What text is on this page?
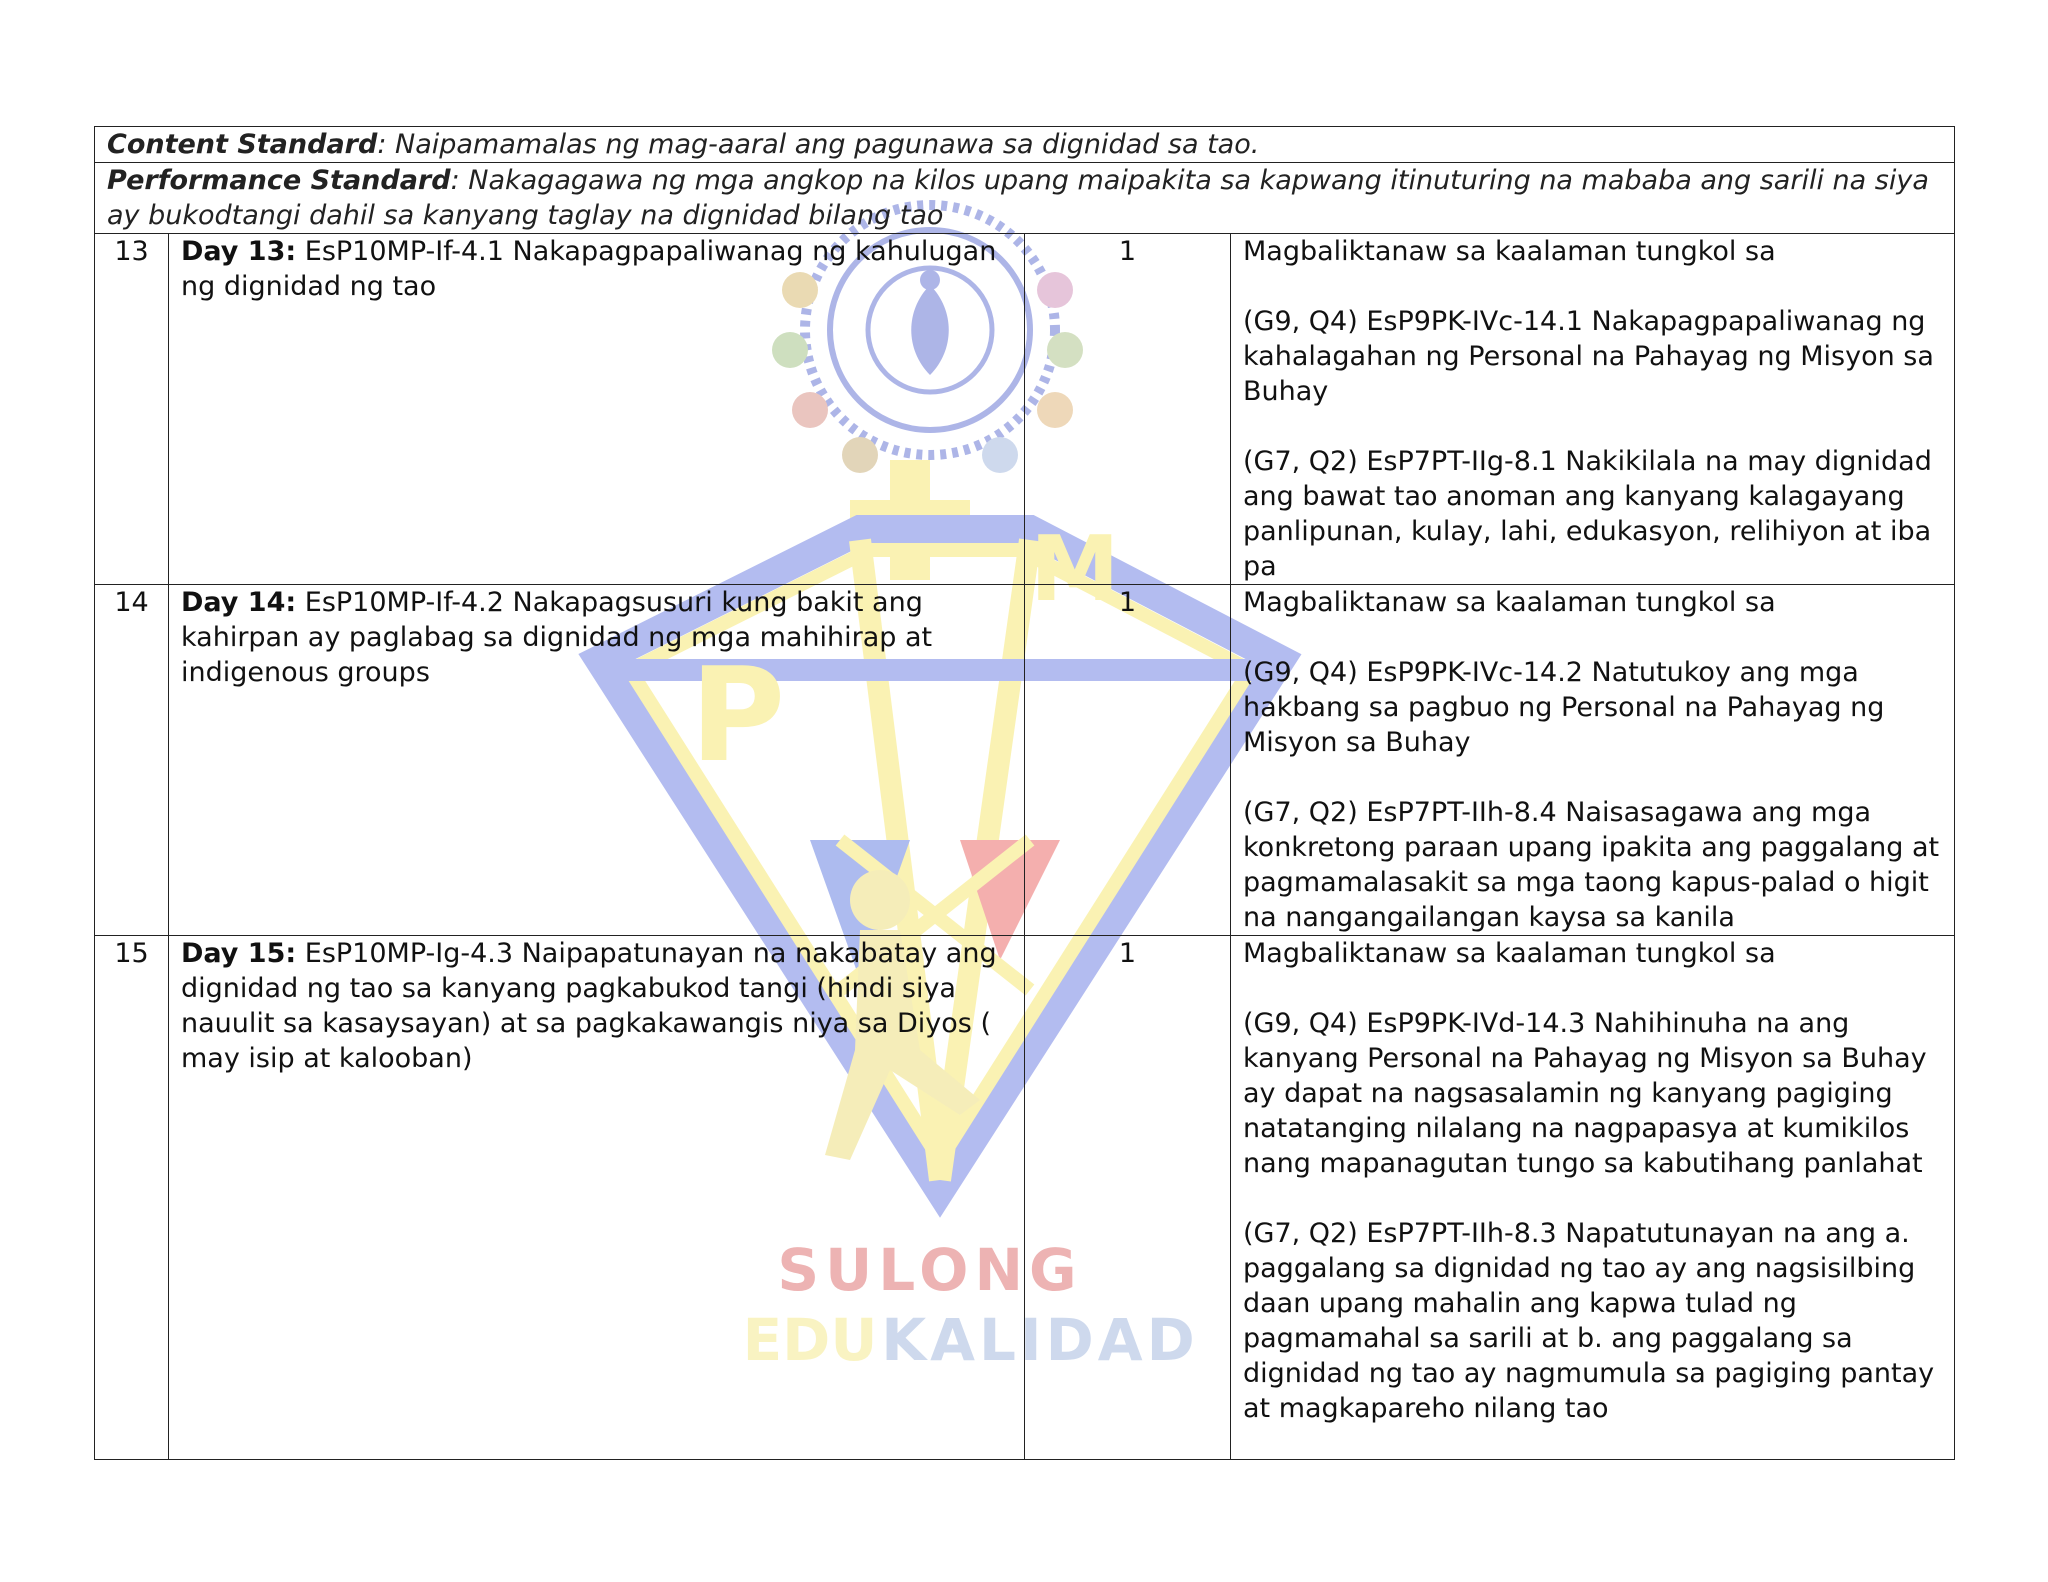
P
M
SULONG
EDU KALIDAD
Content Standard: Naipamamalas ng mag-aaral ang pagunawa sa dignidad sa tao.			
Performance Standard: Nakagagawa ng mga angkop na kilos upang maipakita sa kapwang itinuturing na mababa ang sarili na siya ay bukodtangi dahil sa kanyang taglay na dignidad bilang tao			
13	Day 13: EsP10MP-If-4.1 Nakapagpapaliwanag ng kahulugan ng dignidad ng tao	1	Magbaliktanaw sa kaalaman tungkol sa

(G9, Q4) EsP9PK-IVc-14.1 Nakapagpapaliwanag ng kahalagahan ng Personal na Pahayag ng Misyon sa Buhay

(G7, Q2) EsP7PT-IIg-8.1 Nakikilala na may dignidad ang bawat tao anoman ang kanyang kalagayang panlipunan, kulay, lahi, edukasyon, relihiyon at iba pa

14	Day 14: EsP10MP-If-4.2 Nakapagsusuri kung bakit ang kahirpan ay paglabag sa dignidad ng mga mahihirap at indigenous groups	1	Magbaliktanaw sa kaalaman tungkol sa

(G9, Q4) EsP9PK-IVc-14.2 Natutukoy ang mga hakbang sa pagbuo ng Personal na Pahayag ng Misyon sa Buhay

(G7, Q2) EsP7PT-IIh-8.4 Naisasagawa ang mga konkretong paraan upang ipakita ang paggalang at pagmamalasakit sa mga taong kapus-palad o higit na nangangailangan kaysa sa kanila

15	Day 15: EsP10MP-Ig-4.3 Naipapatunayan na nakabatay ang dignidad ng tao sa kanyang pagkabukod tangi (hindi siya nauulit sa kasaysayan) at sa pagkakawangis niya sa Diyos ( may isip at kalooban)	1	Magbaliktanaw sa kaalaman tungkol sa

(G9, Q4) EsP9PK-IVd-14.3 Nahihinuha na ang kanyang Personal na Pahayag ng Misyon sa Buhay ay dapat na nagsasalamin ng kanyang pagiging natatanging nilalang na nagpapasya at kumikilos nang mapanagutan tungo sa kabutihang panlahat

(G7, Q2) EsP7PT-IIh-8.3 Napatutunayan na ang a. paggalang sa dignidad ng tao ay ang nagsisilbing daan upang mahalin ang kapwa tulad ng pagmamahal sa sarili at b. ang paggalang sa dignidad ng tao ay nagmumula sa pagiging pantay at magkapareho nilang tao
